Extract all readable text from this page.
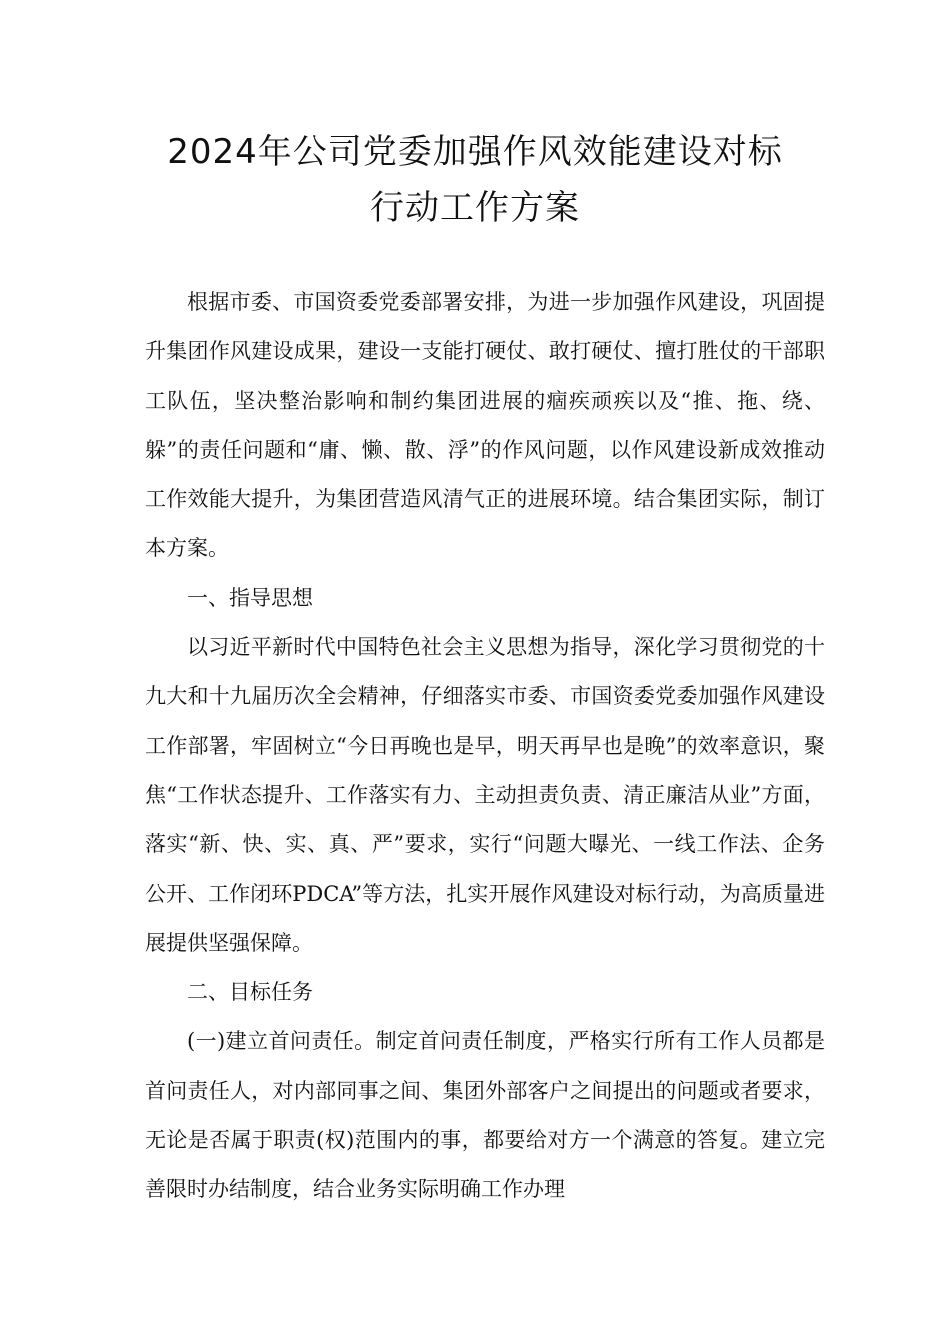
2024年公司党委加强作风效能建设对标
行动工作方案

根据市委、市国资委党委部署安排，为进一步加强作风建设，巩固提升集团作风建设成果，建设一支能打硬仗、敢打硬仗、擅打胜仗的干部职工队伍，坚决整治影响和制约集团进展的痼疾顽疾以及“推、拖、绕、躲”的责任问题和“庸、懒、散、浮”的作风问题，以作风建设新成效推动工作效能大提升，为集团营造风清气正的进展环境。结合集团实际，制订本方案。

一、指导思想

以习近平新时代中国特色社会主义思想为指导，深化学习贯彻党的十九大和十九届历次全会精神，仔细落实市委、市国资委党委加强作风建设工作部署，牢固树立“今日再晚也是早，明天再早也是晚”的效率意识，聚焦“工作状态提升、工作落实有力、主动担责负责、清正廉洁从业”方面，落实“新、快、实、真、严”要求，实行“问题大曝光、一线工作法、企务公开、工作闭环PDCA”等方法，扎实开展作风建设对标行动，为高质量进展提供坚强保障。

二、目标任务

(一)建立首问责任。制定首问责任制度，严格实行所有工作人员都是首问责任人，对内部同事之间、集团外部客户之间提出的问题或者要求，无论是否属于职责(权)范围内的事，都要给对方一个满意的答复。建立完善限时办结制度，结合业务实际明确工作办理
